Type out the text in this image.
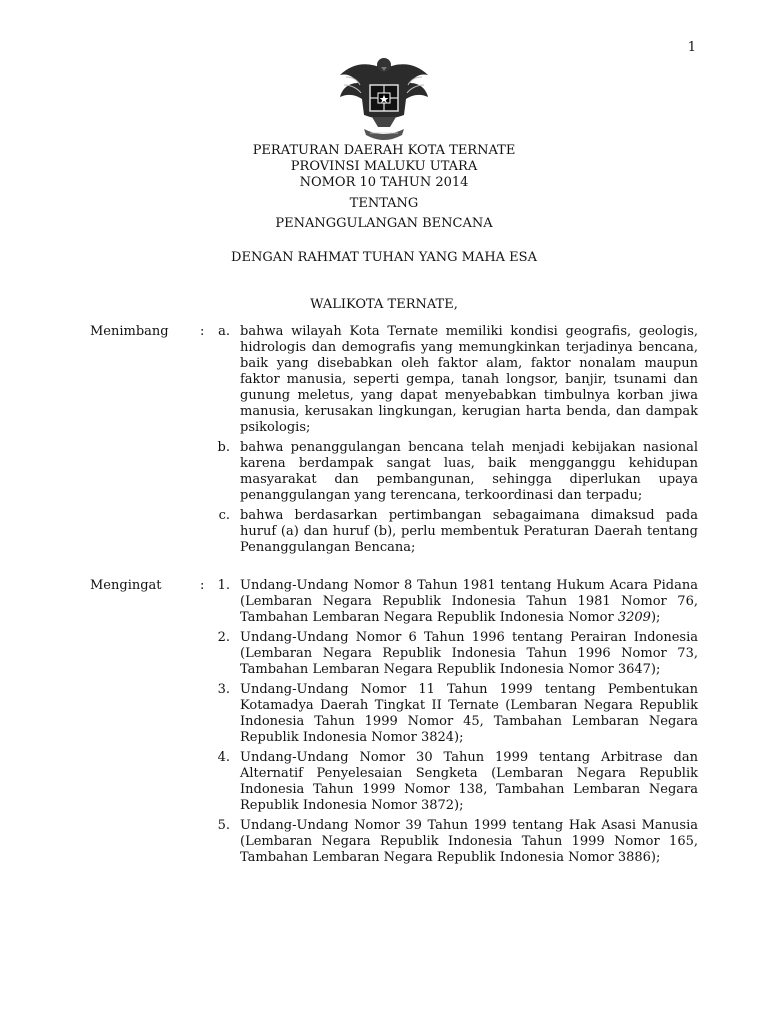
1
PERATURAN DAERAH KOTA TERNATE
PROVINSI MALUKU UTARA
NOMOR 10 TAHUN 2014
TENTANG
PENANGGULANGAN BENCANA
DENGAN RAHMAT TUHAN YANG MAHA ESA
WALIKOTA TERNATE,
Menimbang	:	a. bahwa wilayah Kota Ternate memiliki kondisi geografis, geologis, hidrologis dan demografis yang memungkinkan terjadinya bencana, baik yang disebabkan oleh faktor alam, faktor nonalam maupun faktor manusia, seperti gempa, tanah longsor, banjir, tsunami dan gunung meletus, yang dapat menyebabkan timbulnya korban jiwa manusia, kerusakan lingkungan, kerugian harta benda, dan dampak psikologis;
b. bahwa penanggulangan bencana telah menjadi kebijakan nasional karena berdampak sangat luas, baik mengganggu kehidupan masyarakat dan pembangunan, sehingga diperlukan upaya penanggulangan yang terencana, terkoordinasi dan terpadu;
c. bahwa berdasarkan pertimbangan sebagaimana dimaksud pada huruf (a) dan huruf (b), perlu membentuk Peraturan Daerah tentang Penanggulangan Bencana;
Mengingat	:	1. Undang-Undang Nomor 8 Tahun 1981 tentang Hukum Acara Pidana (Lembaran Negara Republik Indonesia Tahun 1981 Nomor 76, Tambahan Lembaran Negara Republik Indonesia Nomor 3209);
2. Undang-Undang Nomor 6 Tahun 1996 tentang Perairan Indonesia (Lembaran Negara Republik Indonesia Tahun 1996 Nomor 73, Tambahan Lembaran Negara Republik Indonesia Nomor 3647);
3. Undang-Undang Nomor 11 Tahun 1999 tentang Pembentukan Kotamadya Daerah Tingkat II Ternate (Lembaran Negara Republik Indonesia Tahun 1999 Nomor 45, Tambahan Lembaran Negara Republik Indonesia Nomor 3824);
4. Undang-Undang Nomor 30 Tahun 1999 tentang Arbitrase dan Alternatif Penyelesaian Sengketa (Lembaran Negara Republik Indonesia Tahun 1999 Nomor 138, Tambahan Lembaran Negara Republik Indonesia Nomor 3872);
5. Undang-Undang Nomor 39 Tahun 1999 tentang Hak Asasi Manusia (Lembaran Negara Republik Indonesia Tahun 1999 Nomor 165, Tambahan Lembaran Negara Republik Indonesia Nomor 3886);
